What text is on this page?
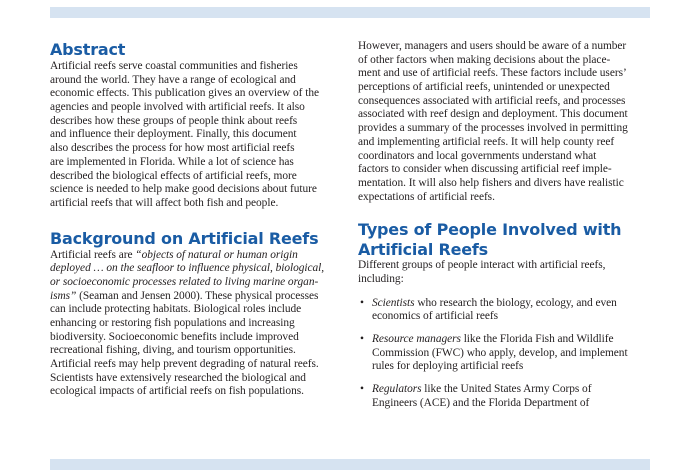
Abstract
Artificial reefs serve coastal communities and fisheries
around the world. They have a range of ecological and
economic effects. This publication gives an overview of the
agencies and people involved with artificial reefs. It also
describes how these groups of people think about reefs
and influence their deployment. Finally, this document
also describes the process for how most artificial reefs
are implemented in Florida. While a lot of science has
described the biological effects of artificial reefs, more
science is needed to help make good decisions about future
artificial reefs that will affect both fish and people.
Background on Artificial Reefs
Artificial reefs are “objects of natural or human origin
deployed … on the seafloor to influence physical, biological,
or socioeconomic processes related to living marine organ-
isms” (Seaman and Jensen 2000). These physical processes
can include protecting habitats. Biological roles include
enhancing or restoring fish populations and increasing
biodiversity. Socioeconomic benefits include improved
recreational fishing, diving, and tourism opportunities.
Artificial reefs may help prevent degrading of natural reefs.
Scientists have extensively researched the biological and
ecological impacts of artificial reefs on fish populations.
However, managers and users should be aware of a number
of other factors when making decisions about the place-
ment and use of artificial reefs. These factors include users’
perceptions of artificial reefs, unintended or unexpected
consequences associated with artificial reefs, and processes
associated with reef design and deployment. This document
provides a summary of the processes involved in permitting
and implementing artificial reefs. It will help county reef
coordinators and local governments understand what
factors to consider when discussing artificial reef imple-
mentation. It will also help fishers and divers have realistic
expectations of artificial reefs.
Types of People Involved with
Artificial Reefs
Different groups of people interact with artificial reefs,
including:
• Scientists who research the biology, ecology, and even
economics of artificial reefs
• Resource managers like the Florida Fish and Wildlife
Commission (FWC) who apply, develop, and implement
rules for deploying artificial reefs
• Regulators like the United States Army Corps of
Engineers (ACE) and the Florida Department of
